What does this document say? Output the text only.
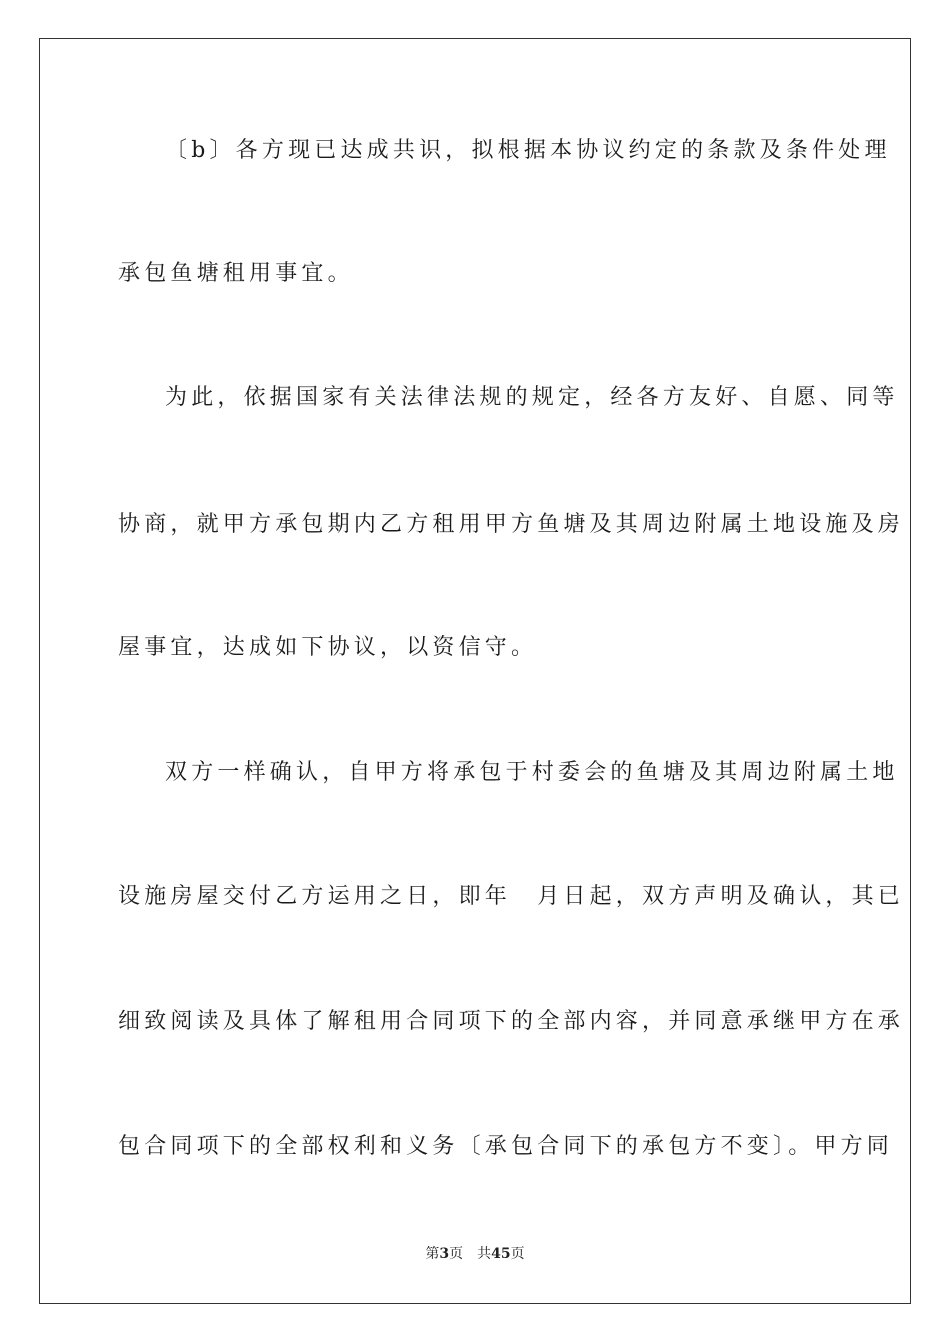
〔b〕各方现已达成共识，拟根据本协议约定的条款及条件处理
承包鱼塘租用事宜。
为此，依据国家有关法律法规的规定，经各方友好、自愿、同等
协商，就甲方承包期内乙方租用甲方鱼塘及其周边附属土地设施及房
屋事宜，达成如下协议，以资信守。
双方一样确认，自甲方将承包于村委会的鱼塘及其周边附属土地
设施房屋交付乙方运用之日，即年　月日起，双方声明及确认，其已
细致阅读及具体了解租用合同项下的全部内容，并同意承继甲方在承
包合同项下的全部权利和义务〔承包合同下的承包方不变〕。甲方同
第3页 共45页
